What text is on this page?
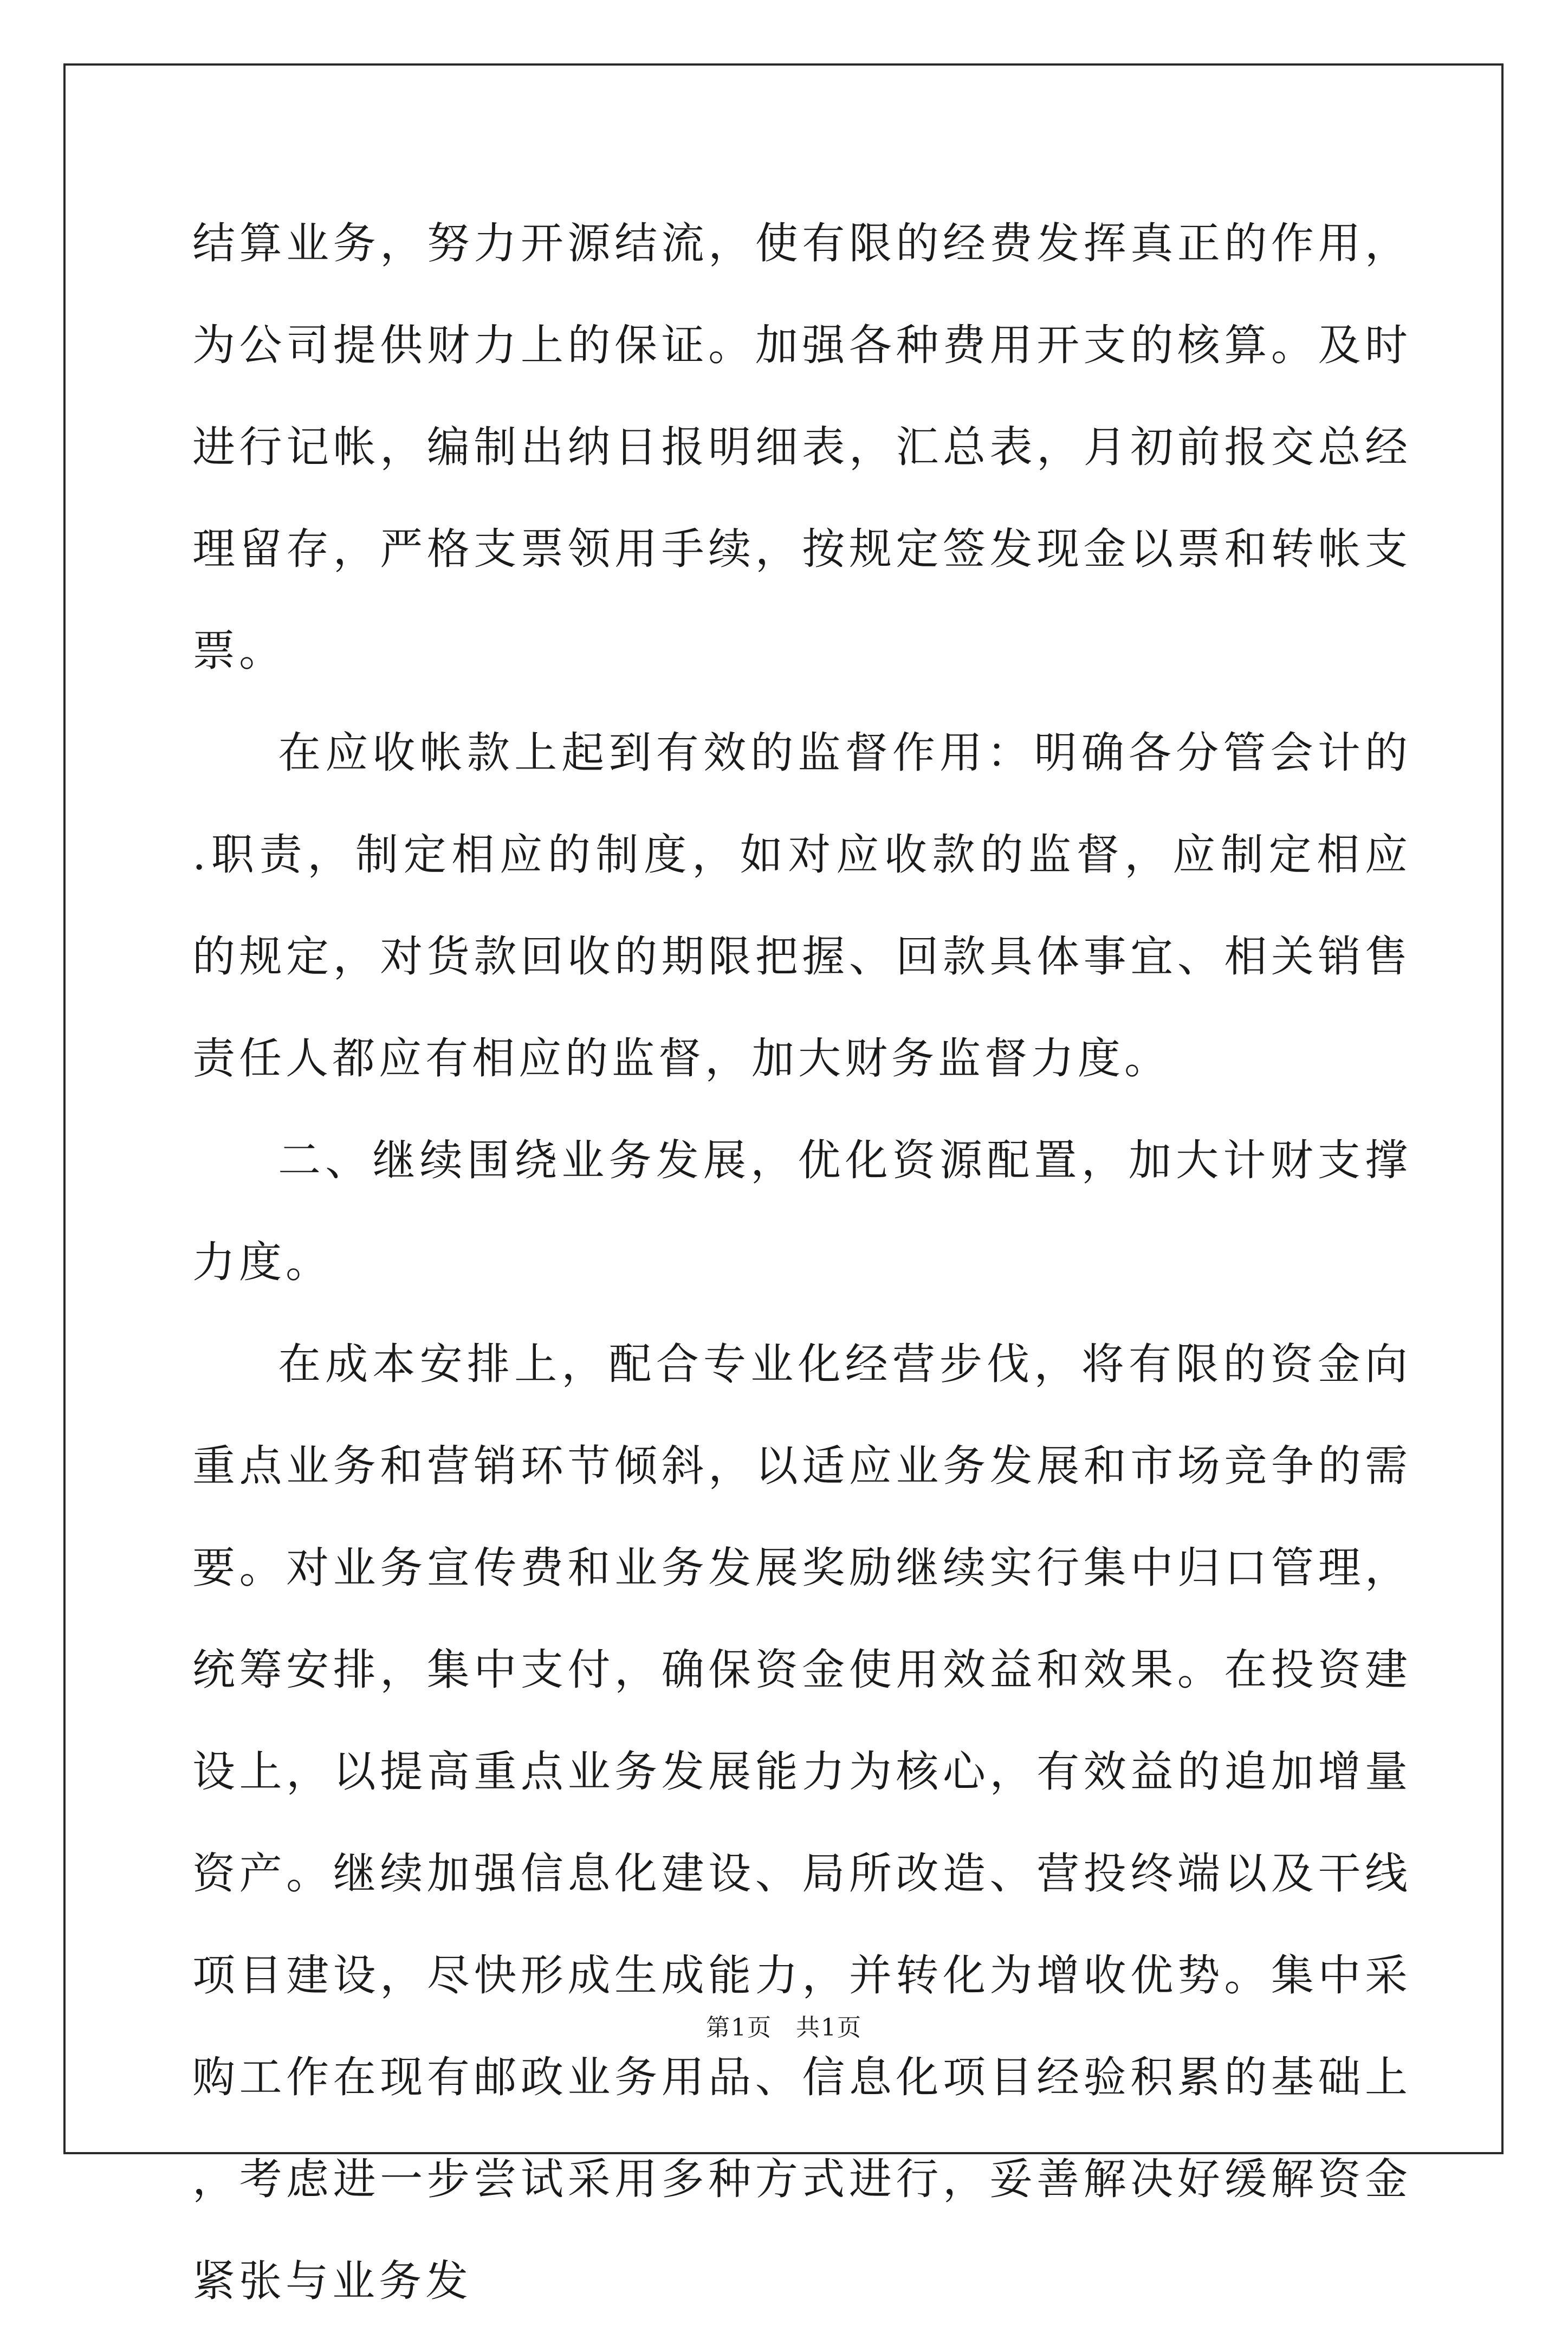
结算业务，努力开源结流，使有限的经费发挥真正的作用，为公司提供财力上的保证。加强各种费用开支的核算。及时进行记帐，编制出纳日报明细表，汇总表，月初前报交总经理留存，严格支票领用手续，按规定签发现金以票和转帐支票。

在应收帐款上起到有效的监督作用：明确各分管会计的.职责，制定相应的制度，如对应收款的监督，应制定相应的规定，对货款回收的期限把握、回款具体事宜、相关销售责任人都应有相应的监督，加大财务监督力度。

二、继续围绕业务发展，优化资源配置，加大计财支撑力度。

在成本安排上，配合专业化经营步伐，将有限的资金向重点业务和营销环节倾斜，以适应业务发展和市场竞争的需要。对业务宣传费和业务发展奖励继续实行集中归口管理，统筹安排，集中支付，确保资金使用效益和效果。在投资建设上，以提高重点业务发展能力为核心，有效益的追加增量资产。继续加强信息化建设、局所改造、营投终端以及干线项目建设，尽快形成生成能力，并转化为增收优势。集中采购工作在现有邮政业务用品、信息化项目经验积累的基础上，考虑进一步尝试采用多种方式进行，妥善解决好缓解资金紧张与业务发

第1页 共1页
